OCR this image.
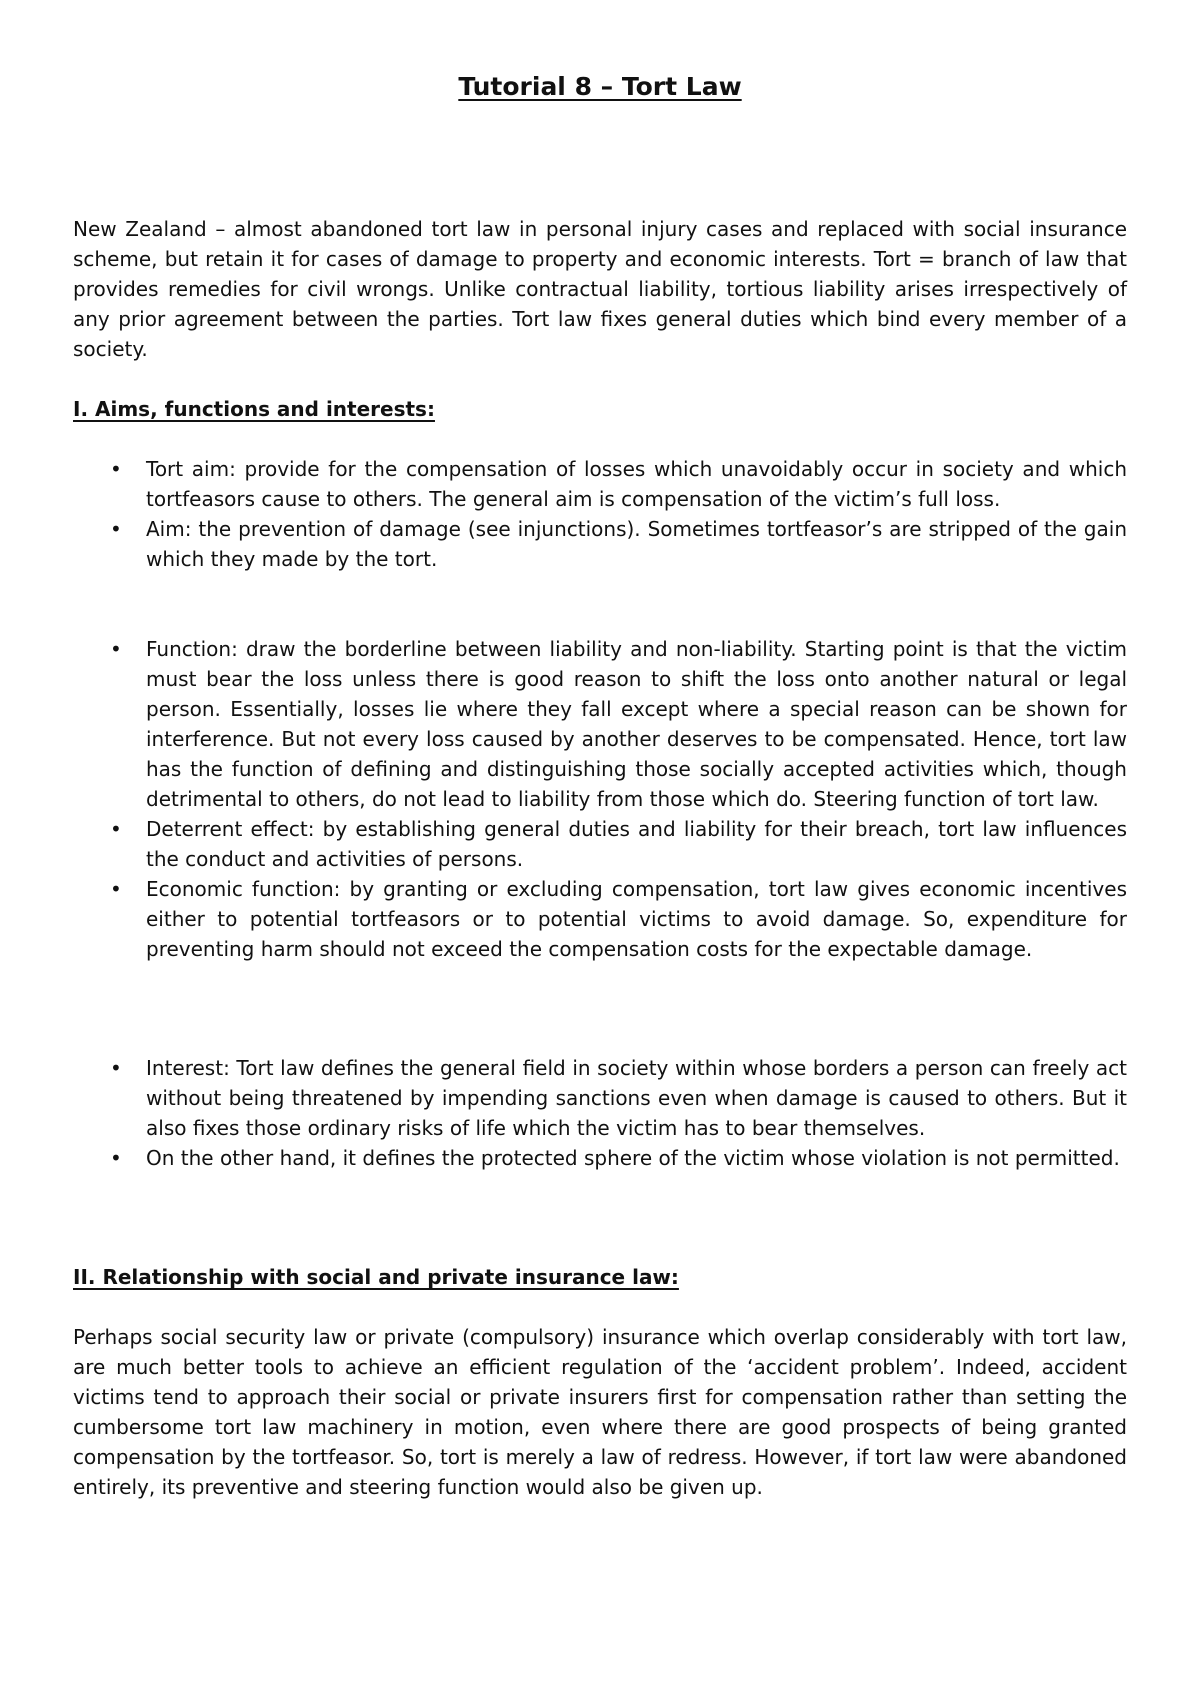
Tutorial 8 – Tort Law

New Zealand – almost abandoned tort law in personal injury cases and replaced with social insurance scheme, but retain it for cases of damage to property and economic interests. Tort = branch of law that provides remedies for civil wrongs. Unlike contractual liability, tortious liability arises irrespectively of any prior agreement between the parties. Tort law fixes general duties which bind every member of a society.

I. Aims, functions and interests:
• Tort aim: provide for the compensation of losses which unavoidably occur in society and which tortfeasors cause to others. The general aim is compensation of the victim’s full loss.
• Aim: the prevention of damage (see injunctions). Sometimes tortfeasor’s are stripped of the gain which they made by the tort.
• Function: draw the borderline between liability and non-liability. Starting point is that the victim must bear the loss unless there is good reason to shift the loss onto another natural or legal person. Essentially, losses lie where they fall except where a special reason can be shown for interference. But not every loss caused by another deserves to be compensated. Hence, tort law has the function of defining and distinguishing those socially accepted activities which, though detrimental to others, do not lead to liability from those which do. Steering function of tort law.
• Deterrent effect: by establishing general duties and liability for their breach, tort law influences the conduct and activities of persons.
• Economic function: by granting or excluding compensation, tort law gives economic incentives either to potential tortfeasors or to potential victims to avoid damage. So, expenditure for preventing harm should not exceed the compensation costs for the expectable damage.
• Interest: Tort law defines the general field in society within whose borders a person can freely act without being threatened by impending sanctions even when damage is caused to others. But it also fixes those ordinary risks of life which the victim has to bear themselves.
• On the other hand, it defines the protected sphere of the victim whose violation is not permitted.
II. Relationship with social and private insurance law:

Perhaps social security law or private (compulsory) insurance which overlap considerably with tort law, are much better tools to achieve an efficient regulation of the ‘accident problem’. Indeed, accident victims tend to approach their social or private insurers first for compensation rather than setting the cumbersome tort law machinery in motion, even where there are good prospects of being granted compensation by the tortfeasor. So, tort is merely a law of redress. However, if tort law were abandoned entirely, its preventive and steering function would also be given up.
